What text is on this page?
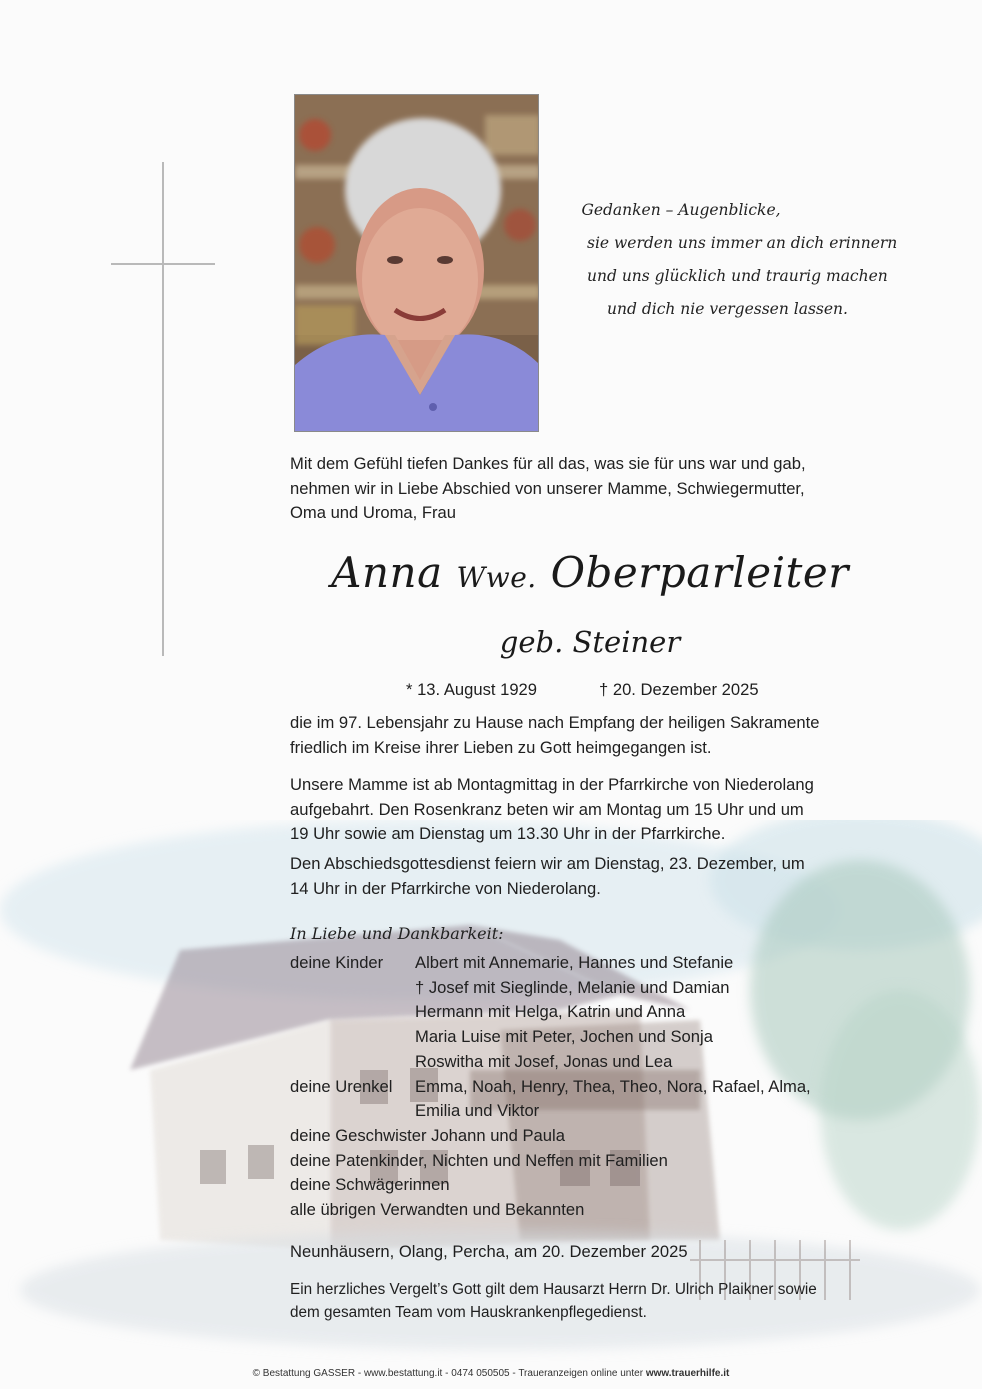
Gedanken – Augenblicke,
sie werden uns immer an dich erinnern
und uns glücklich und traurig machen
und dich nie vergessen lassen.
Mit dem Gefühl tiefen Dankes für all das, was sie für uns war und gab,
nehmen wir in Liebe Abschied von unserer Mamme, Schwiegermutter,
Oma und Uroma, Frau
Anna Wwe. Oberparleiter
geb. Steiner
* 13. August 1929	† 20. Dezember 2025
die im 97. Lebensjahr zu Hause nach Empfang der heiligen Sakramente
friedlich im Kreise ihrer Lieben zu Gott heimgegangen ist.
Unsere Mamme ist ab Montagmittag in der Pfarrkirche von Niederolang
aufgebahrt. Den Rosenkranz beten wir am Montag um 15 Uhr und um
19 Uhr sowie am Dienstag um 13.30 Uhr in der Pfarrkirche.
Den Abschiedsgottesdienst feiern wir am Dienstag, 23. Dezember, um
14 Uhr in der Pfarrkirche von Niederolang.
In Liebe und Dankbarkeit:
deine Kinder	Albert mit Annemarie, Hannes und Stefanie
† Josef mit Sieglinde, Melanie und Damian
Hermann mit Helga, Katrin und Anna
Maria Luise mit Peter, Jochen und Sonja
Roswitha mit Josef, Jonas und Lea
deine Urenkel	Emma, Noah, Henry, Thea, Theo, Nora, Rafael, Alma,
Emilia und Viktor
deine Geschwister Johann und Paula
deine Patenkinder, Nichten und Neffen mit Familien
deine Schwägerinnen
alle übrigen Verwandten und Bekannten
Neunhäusern, Olang, Percha, am 20. Dezember 2025
Ein herzliches Vergelt’s Gott gilt dem Hausarzt Herrn Dr. Ulrich Plaikner sowie
dem gesamten Team vom Hauskrankenpflegedienst.
© Bestattung GASSER - www.bestattung.it - 0474 050505 - Traueranzeigen online unter www.trauerhilfe.it
